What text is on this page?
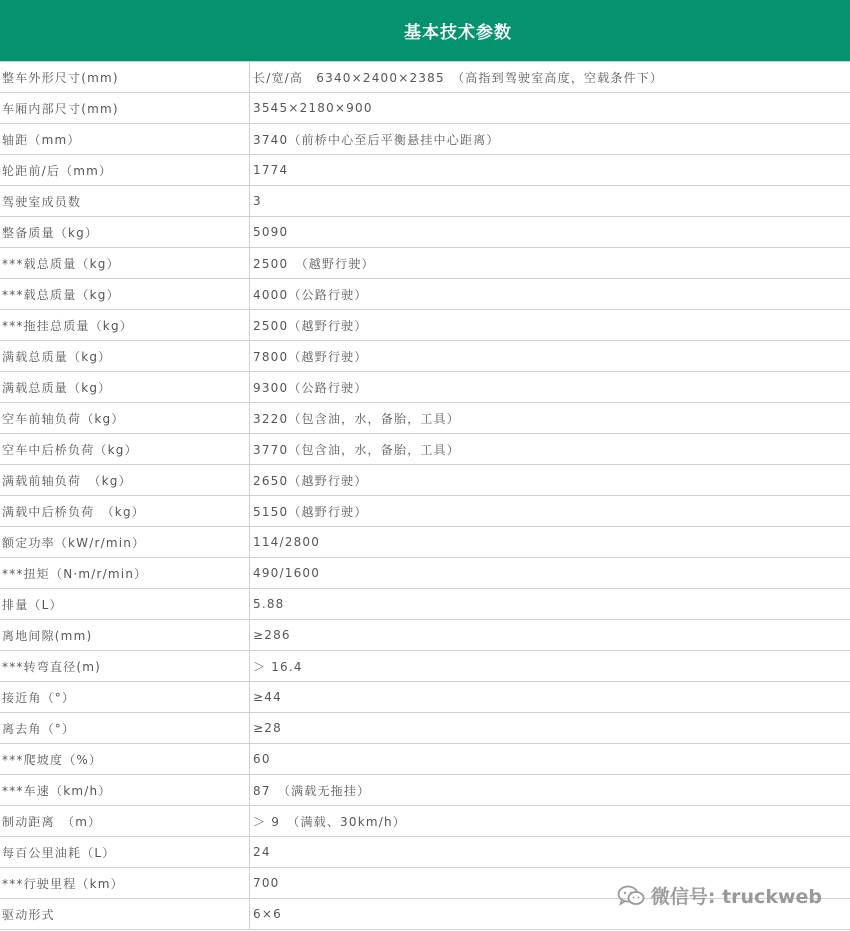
基本技术参数
整车外形尺寸(mm)	长/宽/高　6340×2400×2385　（高指到驾驶室高度，空载条件下）
车厢内部尺寸(mm)	3545×2180×900
轴距（mm）	3740（前桥中心至后平衡悬挂中心距离）
轮距前/后（mm）	1774
驾驶室成员数	3
整备质量（kg）	5090
***载总质量（kg）	2500　（越野行驶）
***载总质量（kg）	4000（公路行驶）
***拖挂总质量（kg）	2500（越野行驶）
满载总质量（kg）	7800（越野行驶）
满载总质量（kg）	9300（公路行驶）
空车前轴负荷（kg）	3220（包含油，水，备胎，工具）
空车中后桥负荷（kg）	3770（包含油，水，备胎，工具）
满载前轴负荷　（kg）	2650（越野行驶）
满载中后桥负荷　（kg）	5150（越野行驶）
额定功率（kW/r/min）	114/2800
***扭矩（N·m/r/min）	490/1600
排量（L）	5.88
离地间隙(mm)	≥286
***转弯直径(m)	＞ 16.4
接近角（°）	≥44
离去角（°）	≥28
***爬坡度（%）	60
***车速（km/h）	87　（满载无拖挂）
制动距离　（m）	＞ 9　（满载、30km/h）
每百公里油耗（L）	24
***行驶里程（km）	700
驱动形式	6×6
微信号: truckweb
